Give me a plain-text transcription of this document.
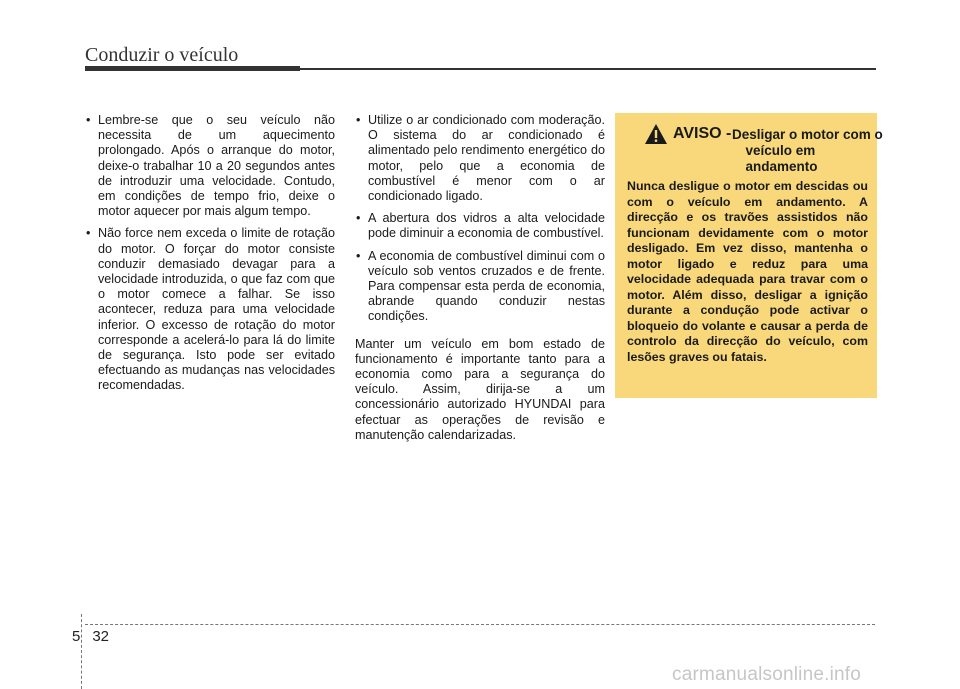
Conduzir o veículo
• Lembre-se que o seu veículo não necessita de um aquecimento prolongado. Após o arranque do motor, deixe-o trabalhar 10 a 20 segundos antes de introduzir uma velocidade. Contudo, em condições de tempo frio, deixe o motor aquecer por mais algum tempo.
• Não force nem exceda o limite de rotação do motor. O forçar do motor consiste conduzir demasiado devagar para a velocidade introduzida, o que faz com que o motor comece a falhar. Se isso acontecer, reduza para uma velocidade inferior. O excesso de rotação do motor corresponde a acelerá-lo para lá do limite de segurança. Isto pode ser evitado efectuando as mudanças nas velocidades recomendadas.
• Utilize o ar condicionado com moderação. O sistema do ar condicionado é alimentado pelo rendimento energético do motor, pelo que a economia de combustível é menor com o ar condicionado ligado.
• A abertura dos vidros a alta velocidade pode diminuir a economia de combustível.
• A economia de combustível diminui com o veículo sob ventos cruzados e de frente. Para compensar esta perda de economia, abrande quando conduzir nestas condições.

Manter um veículo em bom estado de funcionamento é importante tanto para a economia como para a segurança do veículo. Assim, dirija-se a um concessionário autorizado HYUNDAI para efectuar as operações de revisão e manutenção calendarizadas.

AVISO - Desligar o motor com o veículo em andamento
Nunca desligue o motor em descidas ou com o veículo em andamento. A direcção e os travões assistidos não funcionam devidamente com o motor desligado. Em vez disso, mantenha o motor ligado e reduz para uma velocidade adequada para travar com o motor. Além disso, desligar a ignição durante a condução pode activar o bloqueio do volante e causar a perda de controlo da direcção do veículo, com lesões graves ou fatais.
5 32
carmanualsonline.info
